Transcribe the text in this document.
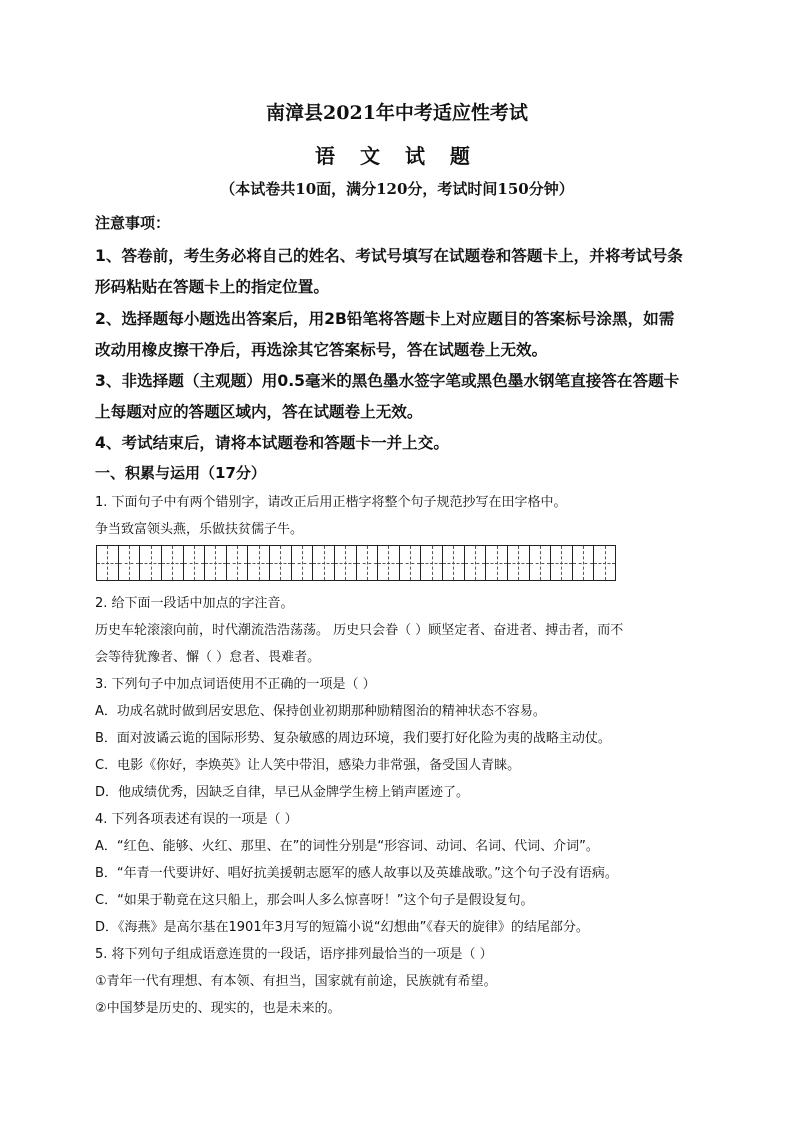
南漳县2021年中考适应性考试
语 文 试 题
（本试卷共10面，满分120分，考试时间150分钟）
注意事项：
1、答卷前，考生务必将自己的姓名、考试号填写在试题卷和答题卡上，并将考试号条
形码粘贴在答题卡上的指定位置。
2、选择题每小题选出答案后，用2B铅笔将答题卡上对应题目的答案标号涂黑，如需
改动用橡皮擦干净后，再选涂其它答案标号，答在试题卷上无效。
3、非选择题（主观题）用0.5毫米的黑色墨水签字笔或黑色墨水钢笔直接答在答题卡
上每题对应的答题区域内，答在试题卷上无效。
4、考试结束后，请将本试题卷和答题卡一并上交。
一、积累与运用（17分）
1. 下面句子中有两个错别字，请改正后用正楷字将整个句子规范抄写在田字格中。
争当致富领头燕，乐做扶贫儒子牛。
2. 给下面一段话中加点的字注音。
历史车轮滚滚向前，时代潮流浩浩荡荡。 历史只会眷（ ）顾坚定者、奋进者、搏击者，而不
会等待犹豫者、懈（ ）怠者、畏难者。
3. 下列句子中加点词语使用不正确的一项是（ ）
A．功成名就时做到居安思危、保持创业初期那种励精图治的精神状态不容易。
B．面对波谲云诡的国际形势、复杂敏感的周边环境，我们要打好化险为夷的战略主动仗。
C．电影《你好，李焕英》让人笑中带泪，感染力非常强，备受国人青睐。
D．他成绩优秀，因缺乏自律，早已从金牌学生榜上销声匿迹了。
4. 下列各项表述有误的一项是（ ）
A．“红色、能够、火红、那里、在”的词性分别是“形容词、动词、名词、代词、介词”。
B．“年青一代要讲好、唱好抗美援朝志愿军的感人故事以及英雄战歌。”这个句子没有语病。
C．“如果于勒竟在这只船上，那会叫人多么惊喜呀！”这个句子是假设复句。
D．《海燕》是高尔基在1901年3月写的短篇小说“幻想曲”《春天的旋律》的结尾部分。
5. 将下列句子组成语意连贯的一段话，语序排列最恰当的一项是（ ）
①青年一代有理想、有本领、有担当，国家就有前途，民族就有希望。
②中国梦是历史的、现实的，也是未来的。
